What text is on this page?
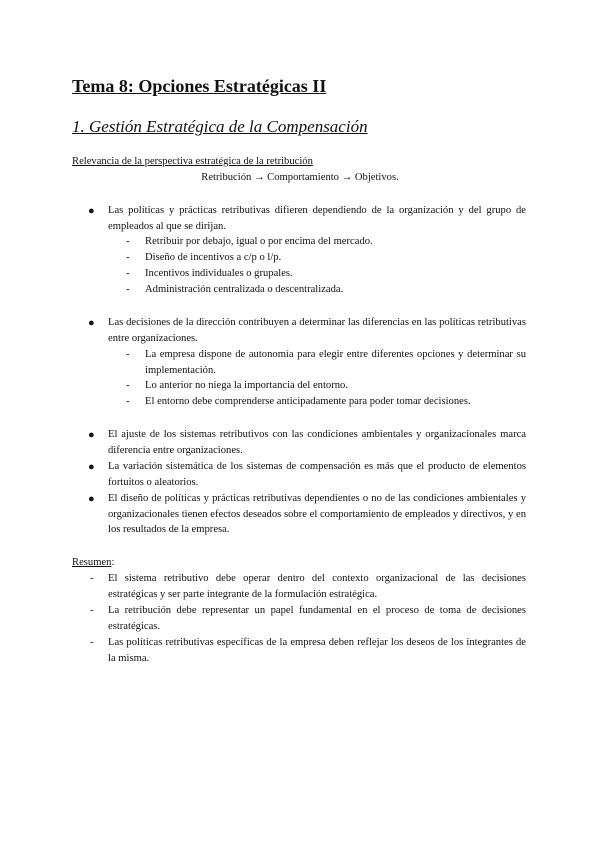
Tema 8: Opciones Estratégicas II
1. Gestión Estratégica de la Compensación

Relevancia de la perspectiva estratégica de la retribución

Retribución → Comportamiento → Objetivos.

● Las políticas y prácticas retributivas difieren dependiendo de la organización y del grupo de empleados al que se dirijan.

- Retribuir por debajo, igual o por encima del mercado.

- Diseño de incentivos a c/p o l/p.

- Incentivos individuales o grupales.

- Administración centralizada o descentralizada.

● Las decisiones de la dirección contribuyen a determinar las diferencias en las políticas retributivas entre organizaciones.

- La empresa dispone de autonomía para elegir entre diferentes opciones y determinar su implementación.

- Lo anterior no niega la importancia del entorno.

- El entorno debe comprenderse anticipadamente para poder tomar decisiones.

● El ajuste de los sistemas retributivos con las condiciones ambientales y organizacionales marca diferencia entre organizaciones.

● La variación sistemática de los sistemas de compensación es más que el producto de elementos fortuitos o aleatorios.

● El diseño de políticas y prácticas retributivas dependientes o no de las condiciones ambientales y organizacionales tienen efectos deseados sobre el comportamiento de empleados y directivos, y en los resultados de la empresa.

Resumen:

- El sistema retributivo debe operar dentro del contexto organizacional de las decisiones estratégicas y ser parte integrante de la formulación estratégica.

- La retribución debe representar un papel fundamental en el proceso de toma de decisiones estratégicas.

- Las políticas retributivas específicas de la empresa deben reflejar los deseos de los integrantes de la misma.
